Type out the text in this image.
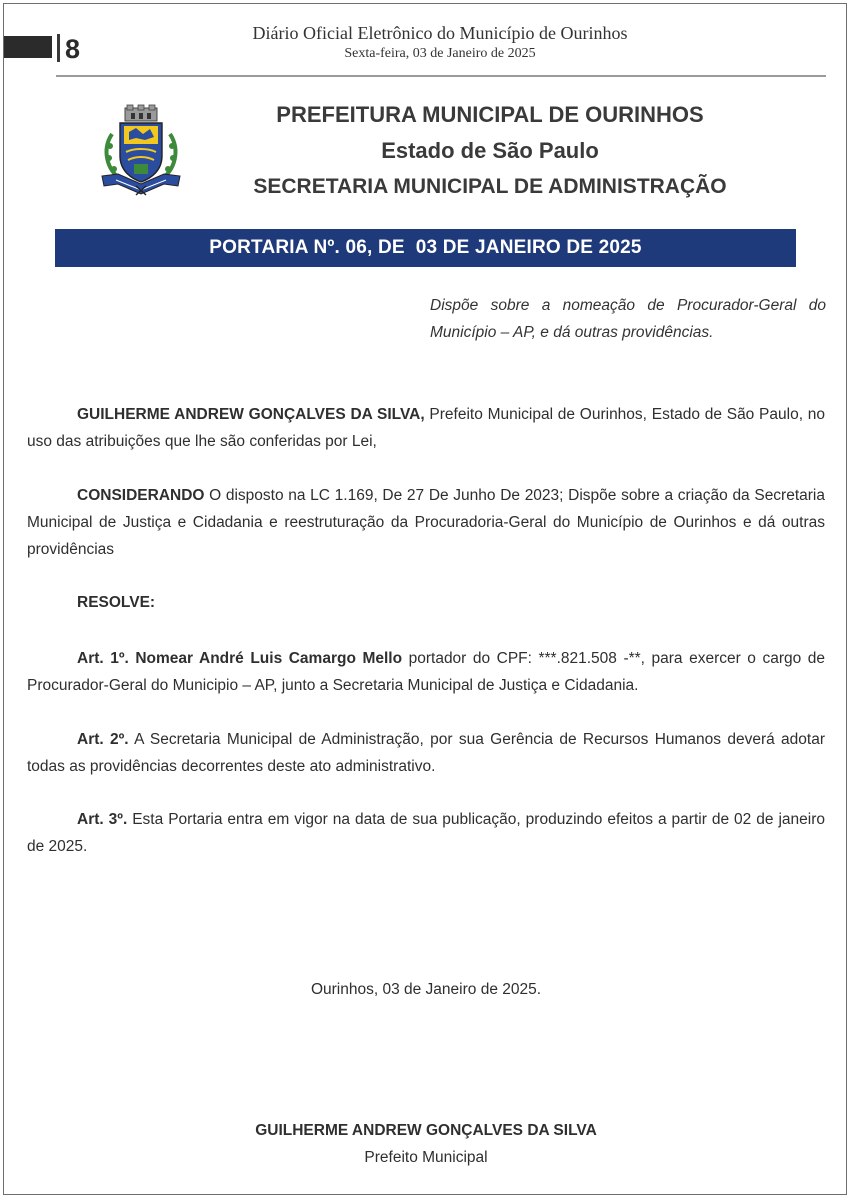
8
Diário Oficial Eletrônico do Município de Ourinhos
Sexta-feira, 03 de Janeiro de 2025
PREFEITURA MUNICIPAL DE OURINHOS
Estado de São Paulo
SECRETARIA MUNICIPAL DE ADMINISTRAÇÃO
PORTARIA Nº. 06, DE  03 DE JANEIRO DE 2025
Dispõe sobre a nomeação de Procurador-Geral do Município – AP, e dá outras providências.
GUILHERME ANDREW GONÇALVES DA SILVA, Prefeito Municipal de Ourinhos, Estado de São Paulo, no uso das atribuições que lhe são conferidas por Lei,
CONSIDERANDO O disposto na LC 1.169, De 27 De Junho De 2023; Dispõe sobre a criação da Secretaria Municipal de Justiça e Cidadania e reestruturação da Procuradoria-Geral do Município de Ourinhos e dá outras providências
RESOLVE:
Art. 1º. Nomear André Luis Camargo Mello portador do CPF: ***.821.508 -**, para exercer o cargo de Procurador-Geral do Municipio – AP, junto a Secretaria Municipal de Justiça e Cidadania.
Art. 2º. A Secretaria Municipal de Administração, por sua Gerência de Recursos Humanos deverá adotar todas as providências decorrentes deste ato administrativo.
Art. 3º. Esta Portaria entra em vigor na data de sua publicação, produzindo efeitos a partir de 02 de janeiro de 2025.
Ourinhos, 03 de Janeiro de 2025.
GUILHERME ANDREW GONÇALVES DA SILVA
Prefeito Municipal
